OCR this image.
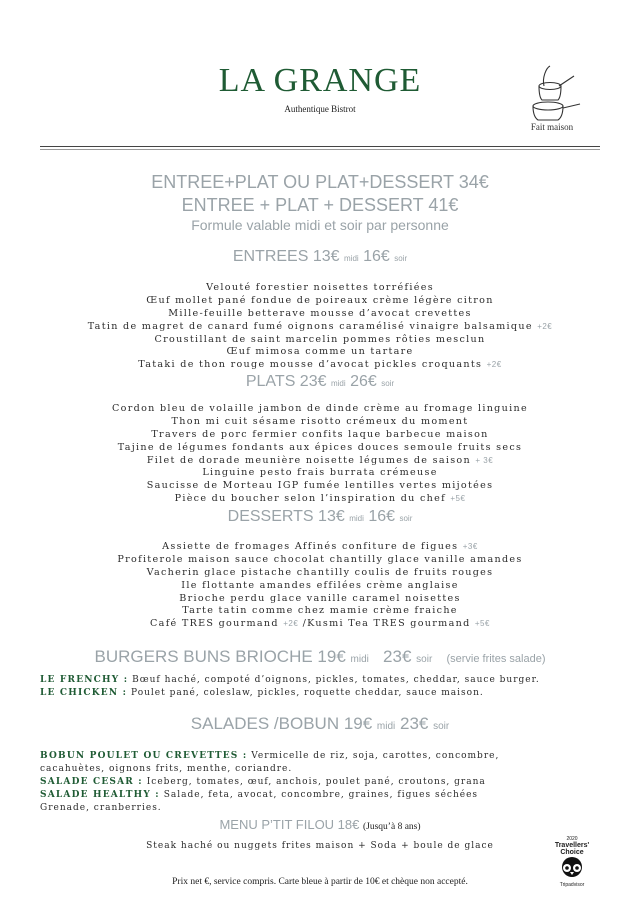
LA GRANGE
Authentique Bistrot
Fait maison
ENTREE+PLAT OU PLAT+DESSERT 34€
ENTREE + PLAT + DESSERT 41€
Formule valable midi et soir par personne
ENTREES 13€ midi 16€ soir
Velouté forestier noisettes torréfiées
Œuf mollet pané fondue de poireaux crème légère citron
Mille-feuille betterave mousse d’avocat crevettes
Tatin de magret de canard fumé oignons caramélisé vinaigre balsamique +2€
Croustillant de saint marcelin pommes rôties mesclun
Œuf mimosa comme un tartare
Tataki de thon rouge mousse d’avocat pickles croquants +2€
PLATS 23€ midi 26€ soir
Cordon bleu de volaille jambon de dinde crème au fromage linguine
Thon mi cuit sésame risotto crémeux du moment
Travers de porc fermier confits laque barbecue maison
Tajine de légumes fondants aux épices douces semoule fruits secs
Filet de dorade meunière noisette légumes de saison + 3€
Linguine pesto frais burrata crémeuse
Saucisse de Morteau IGP fumée lentilles vertes mijotées
Pièce du boucher selon l’inspiration du chef +5€
DESSERTS 13€ midi 16€ soir
Assiette de fromages Affinés confiture de figues +3€
Profiterole maison sauce chocolat chantilly glace vanille amandes
Vacherin glace pistache chantilly coulis de fruits rouges
Ile flottante amandes effilées crème anglaise
Brioche perdu glace vanille caramel noisettes
Tarte tatin comme chez mamie crème fraiche
Café TRES gourmand +2€ /Kusmi Tea TRES gourmand +5€
BURGERS BUNS BRIOCHE 19€ midi 23€ soir (servie frites salade)
LE FRENCHY : Bœuf haché, compoté d’oignons, pickles, tomates, cheddar, sauce burger.
LE CHICKEN : Poulet pané, coleslaw, pickles, roquette cheddar, sauce maison.
SALADES /BOBUN 19€ midi 23€ soir
BOBUN POULET OU CREVETTES : Vermicelle de riz, soja, carottes, concombre,
cacahuètes, oignons frits, menthe, coriandre.
SALADE CESAR : Iceberg, tomates, œuf, anchois, poulet pané, croutons, grana
SALADE HEALTHY : Salade, feta, avocat, concombre, graines, figues séchées
Grenade, cranberries.
MENU P’TIT FILOU 18€ (Jusqu’à 8 ans)
Steak haché ou nuggets frites maison + Soda + boule de glace
Prix net €, service compris. Carte bleue à partir de 10€ et chèque non accepté.
2020
Travellers'
Choice
Tripadvisor
